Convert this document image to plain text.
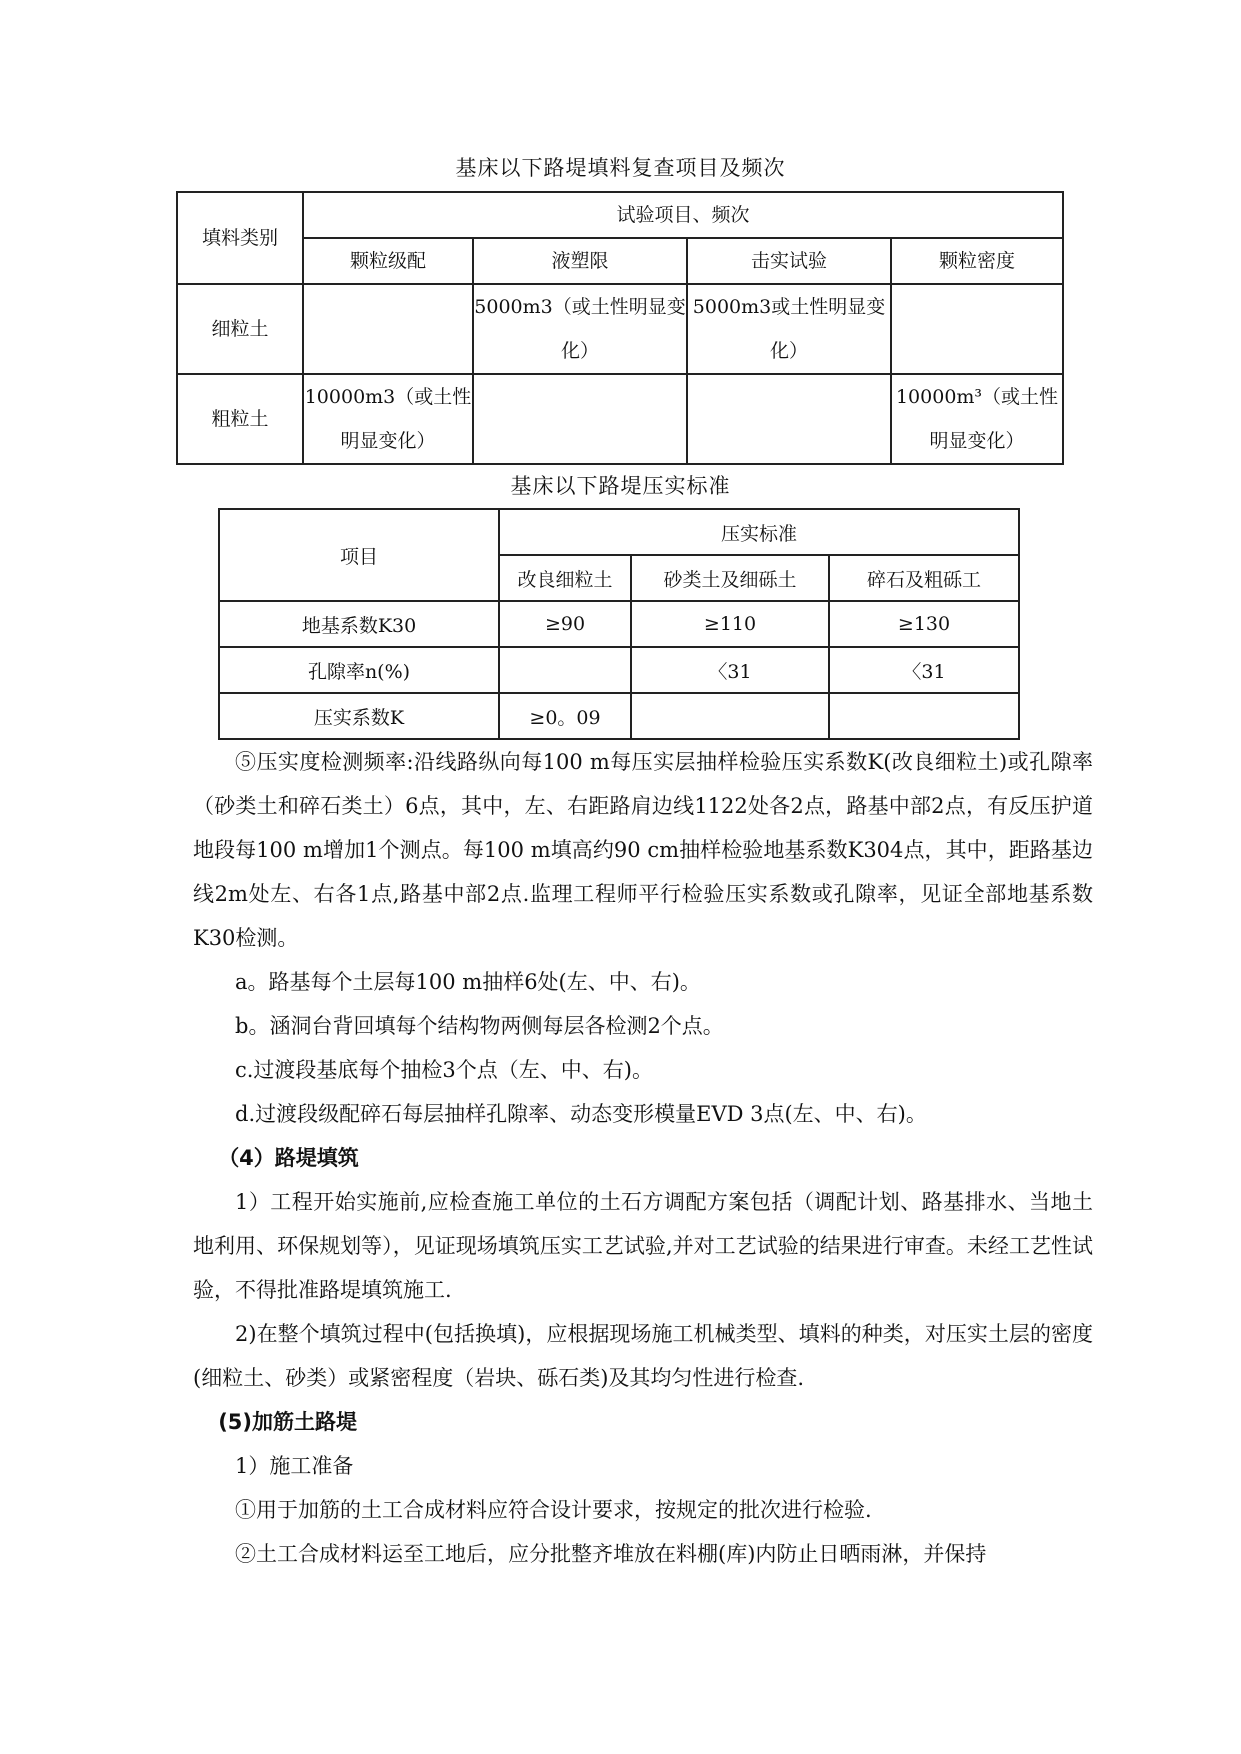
基床以下路堤填料复查项目及频次
填料类别	试验项目、频次			
	颗粒级配	液塑限	击实试验	颗粒密度
细粒土		5000m3（或土性明显变化）	5000m3或土性明显变化）	
粗粒土	10000m3（或土性明显变化）			10000m³（或土性明显变化）
基床以下路堤压实标准
项目	压实标准		
	改良细粒土	砂类土及细砾土	碎石及粗砾工
地基系数K30	≥90	≥110	≥130
孔隙率n(%)		〈31	〈31
压实系数K	≥0。09		

⑤压实度检测频率:沿线路纵向每100 m每压实层抽样检验压实系数K(改良细粒土)或孔隙率（砂类土和碎石类土）6点，其中，左、右距路肩边线1122处各2点，路基中部2点，有反压护道地段每100 m增加1个测点。每100 m填高约90 cm抽样检验地基系数K304点，其中，距路基边线2m处左、右各1点,路基中部2点.监理工程师平行检验压实系数或孔隙率，见证全部地基系数K30检测。

a。路基每个土层每100 m抽样6处(左、中、右)。

b。涵洞台背回填每个结构物两侧每层各检测2个点。

c.过渡段基底每个抽检3个点（左、中、右)。

d.过渡段级配碎石每层抽样孔隙率、动态变形模量EVD 3点(左、中、右)。

（4）路堤填筑

1）工程开始实施前,应检查施工单位的土石方调配方案包括（调配计划、路基排水、当地土地利用、环保规划等），见证现场填筑压实工艺试验,并对工艺试验的结果进行审查。未经工艺性试验，不得批准路堤填筑施工.

2)在整个填筑过程中(包括换填)，应根据现场施工机械类型、填料的种类，对压实土层的密度(细粒土、砂类）或紧密程度（岩块、砾石类)及其均匀性进行检查.

(5)加筋土路堤

1）施工准备

①用于加筋的土工合成材料应符合设计要求，按规定的批次进行检验.

②土工合成材料运至工地后，应分批整齐堆放在料棚(库)内防止日晒雨淋，并保持
